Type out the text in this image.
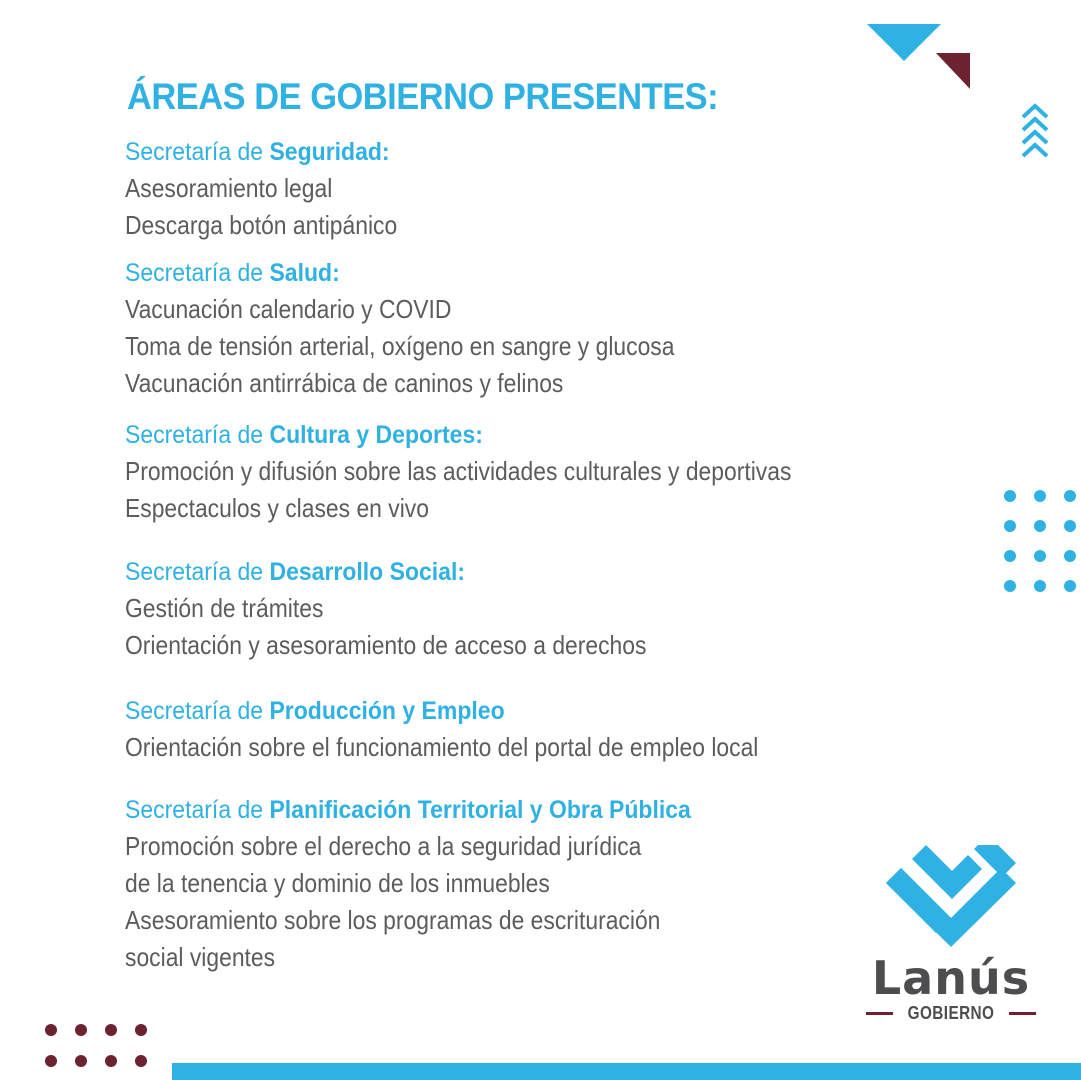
ÁREAS DE GOBIERNO PRESENTES:
Secretaría de Seguridad:
Asesoramiento legal
Descarga botón antipánico
Secretaría de Salud:
Vacunación calendario y COVID
Toma de tensión arterial, oxígeno en sangre y glucosa
Vacunación antirrábica de caninos y felinos
Secretaría de Cultura y Deportes:
Promoción y difusión sobre las actividades culturales y deportivas
Espectaculos y clases en vivo
Secretaría de Desarrollo Social:
Gestión de trámites
Orientación y asesoramiento de acceso a derechos
Secretaría de Producción y Empleo
Orientación sobre el funcionamiento del portal de empleo local
Secretaría de Planificación Territorial y Obra Pública
Promoción sobre el derecho a la seguridad jurídica
de la tenencia y dominio de los inmuebles
Asesoramiento sobre los programas de escrituración
social vigentes	Lanús
GOBIERNO
